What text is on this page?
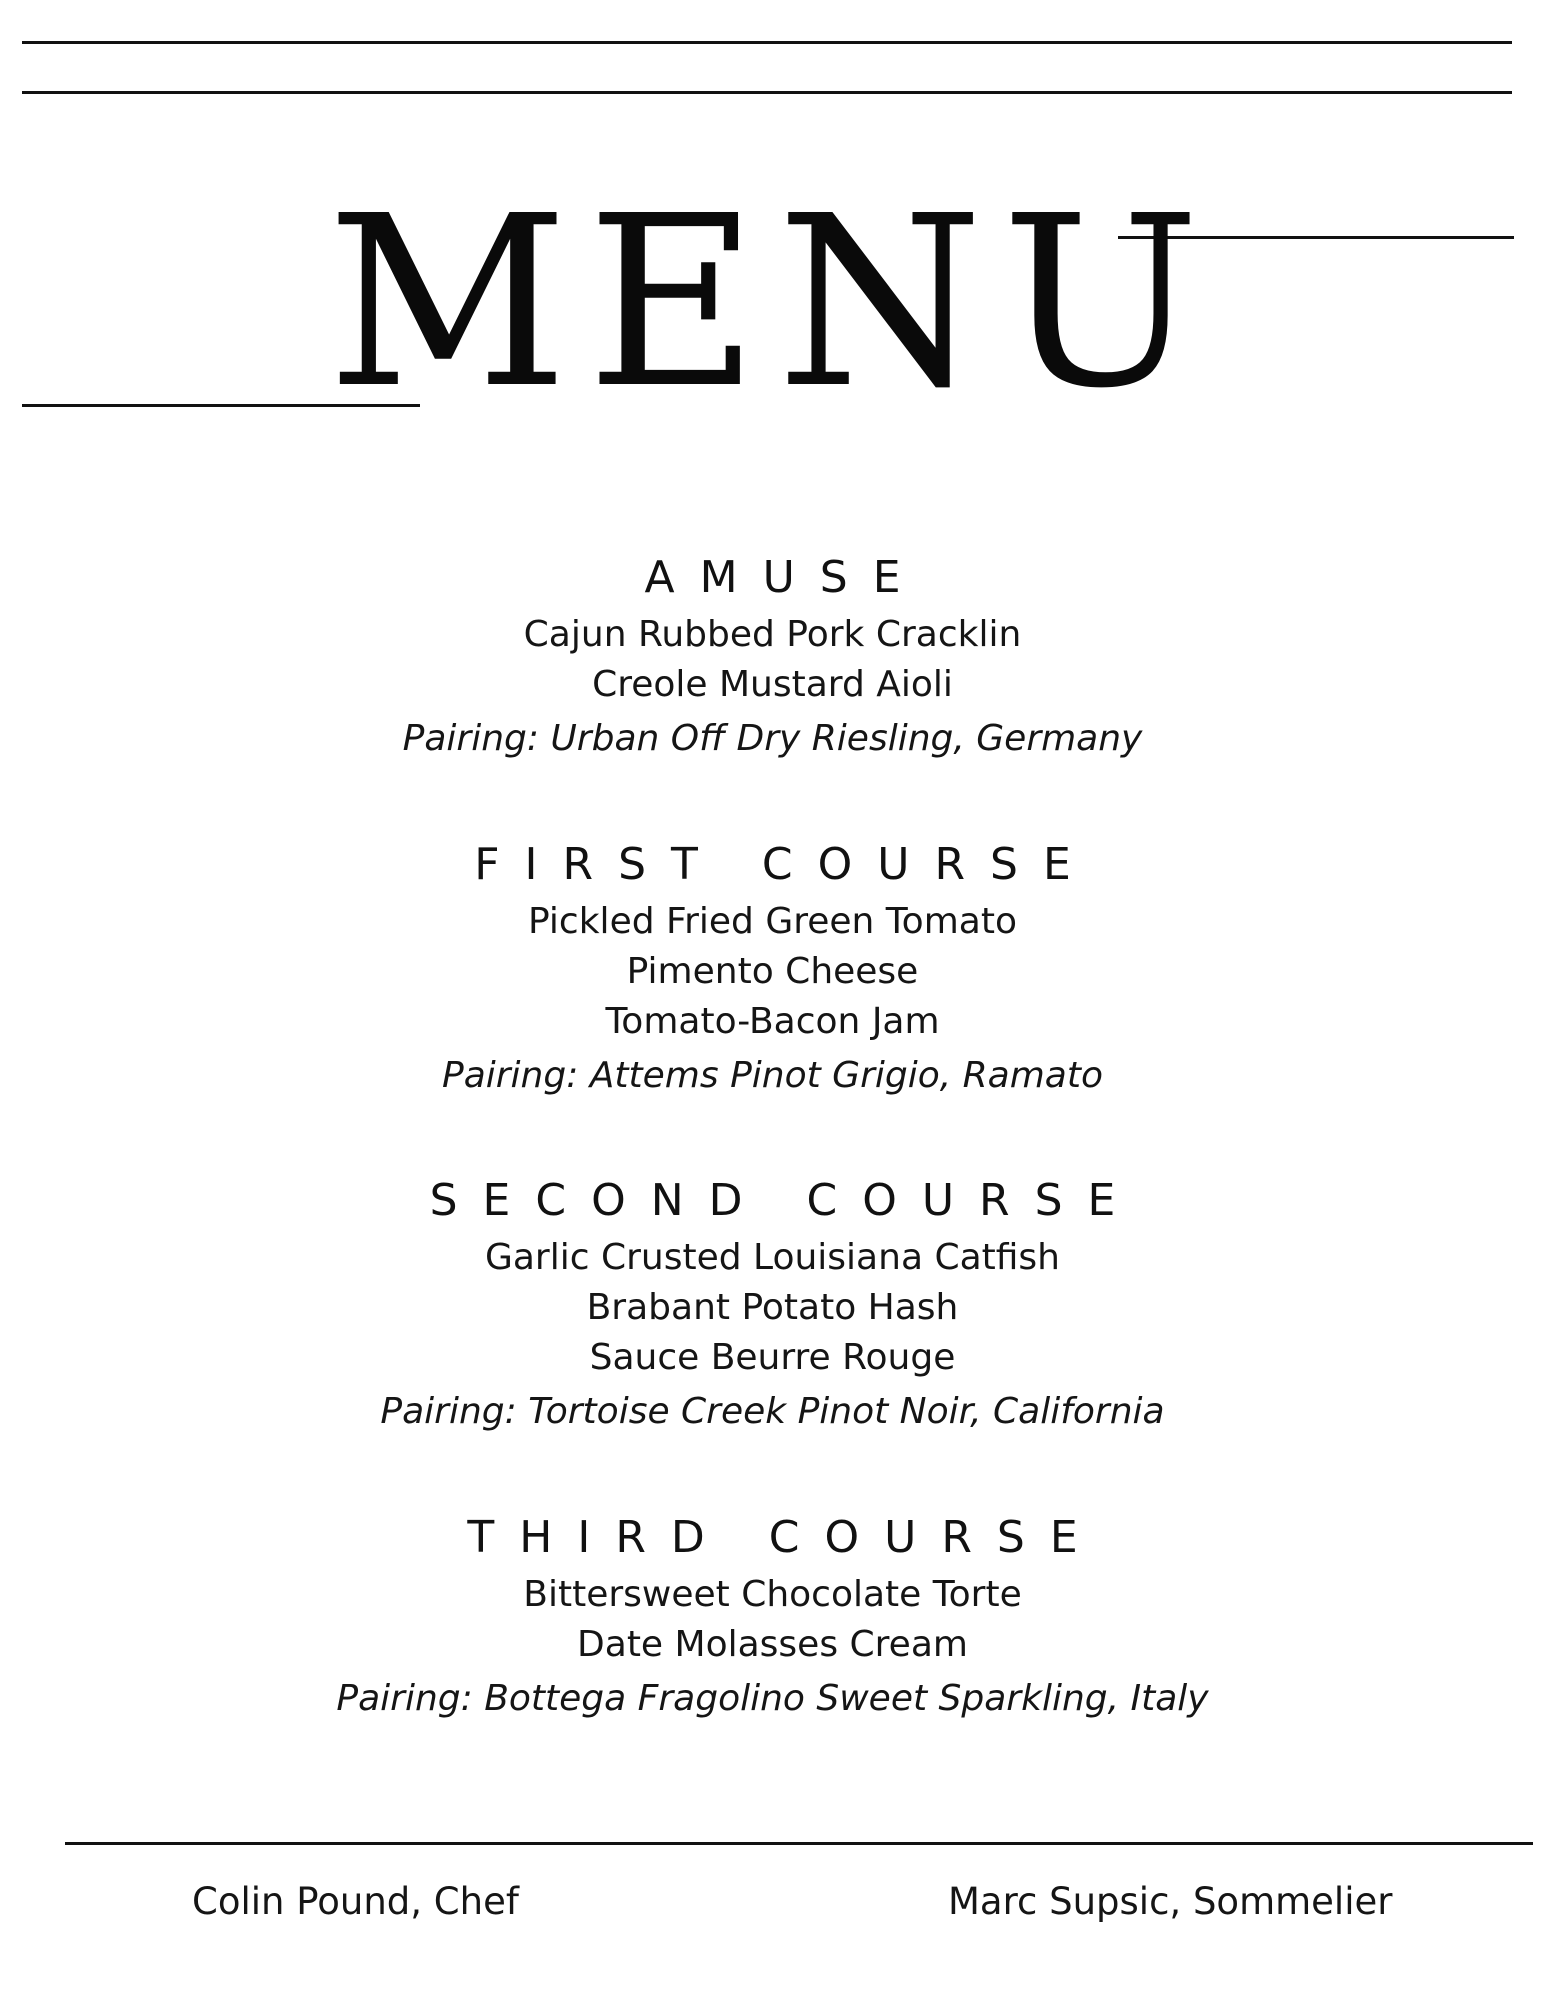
MENU
AMUSE

Cajun Rubbed Pork Cracklin

Creole Mustard Aioli

Pairing: Urban Off Dry Riesling, Germany

FIRST COURSE

Pickled Fried Green Tomato

Pimento Cheese

Tomato-Bacon Jam

Pairing: Attems Pinot Grigio, Ramato

SECOND COURSE

Garlic Crusted Louisiana Catfish

Brabant Potato Hash

Sauce Beurre Rouge

Pairing: Tortoise Creek Pinot Noir, California

THIRD COURSE

Bittersweet Chocolate Torte

Date Molasses Cream

Pairing: Bottega Fragolino Sweet Sparkling, Italy

Colin Pound, Chef	Marc Supsic, Sommelier
